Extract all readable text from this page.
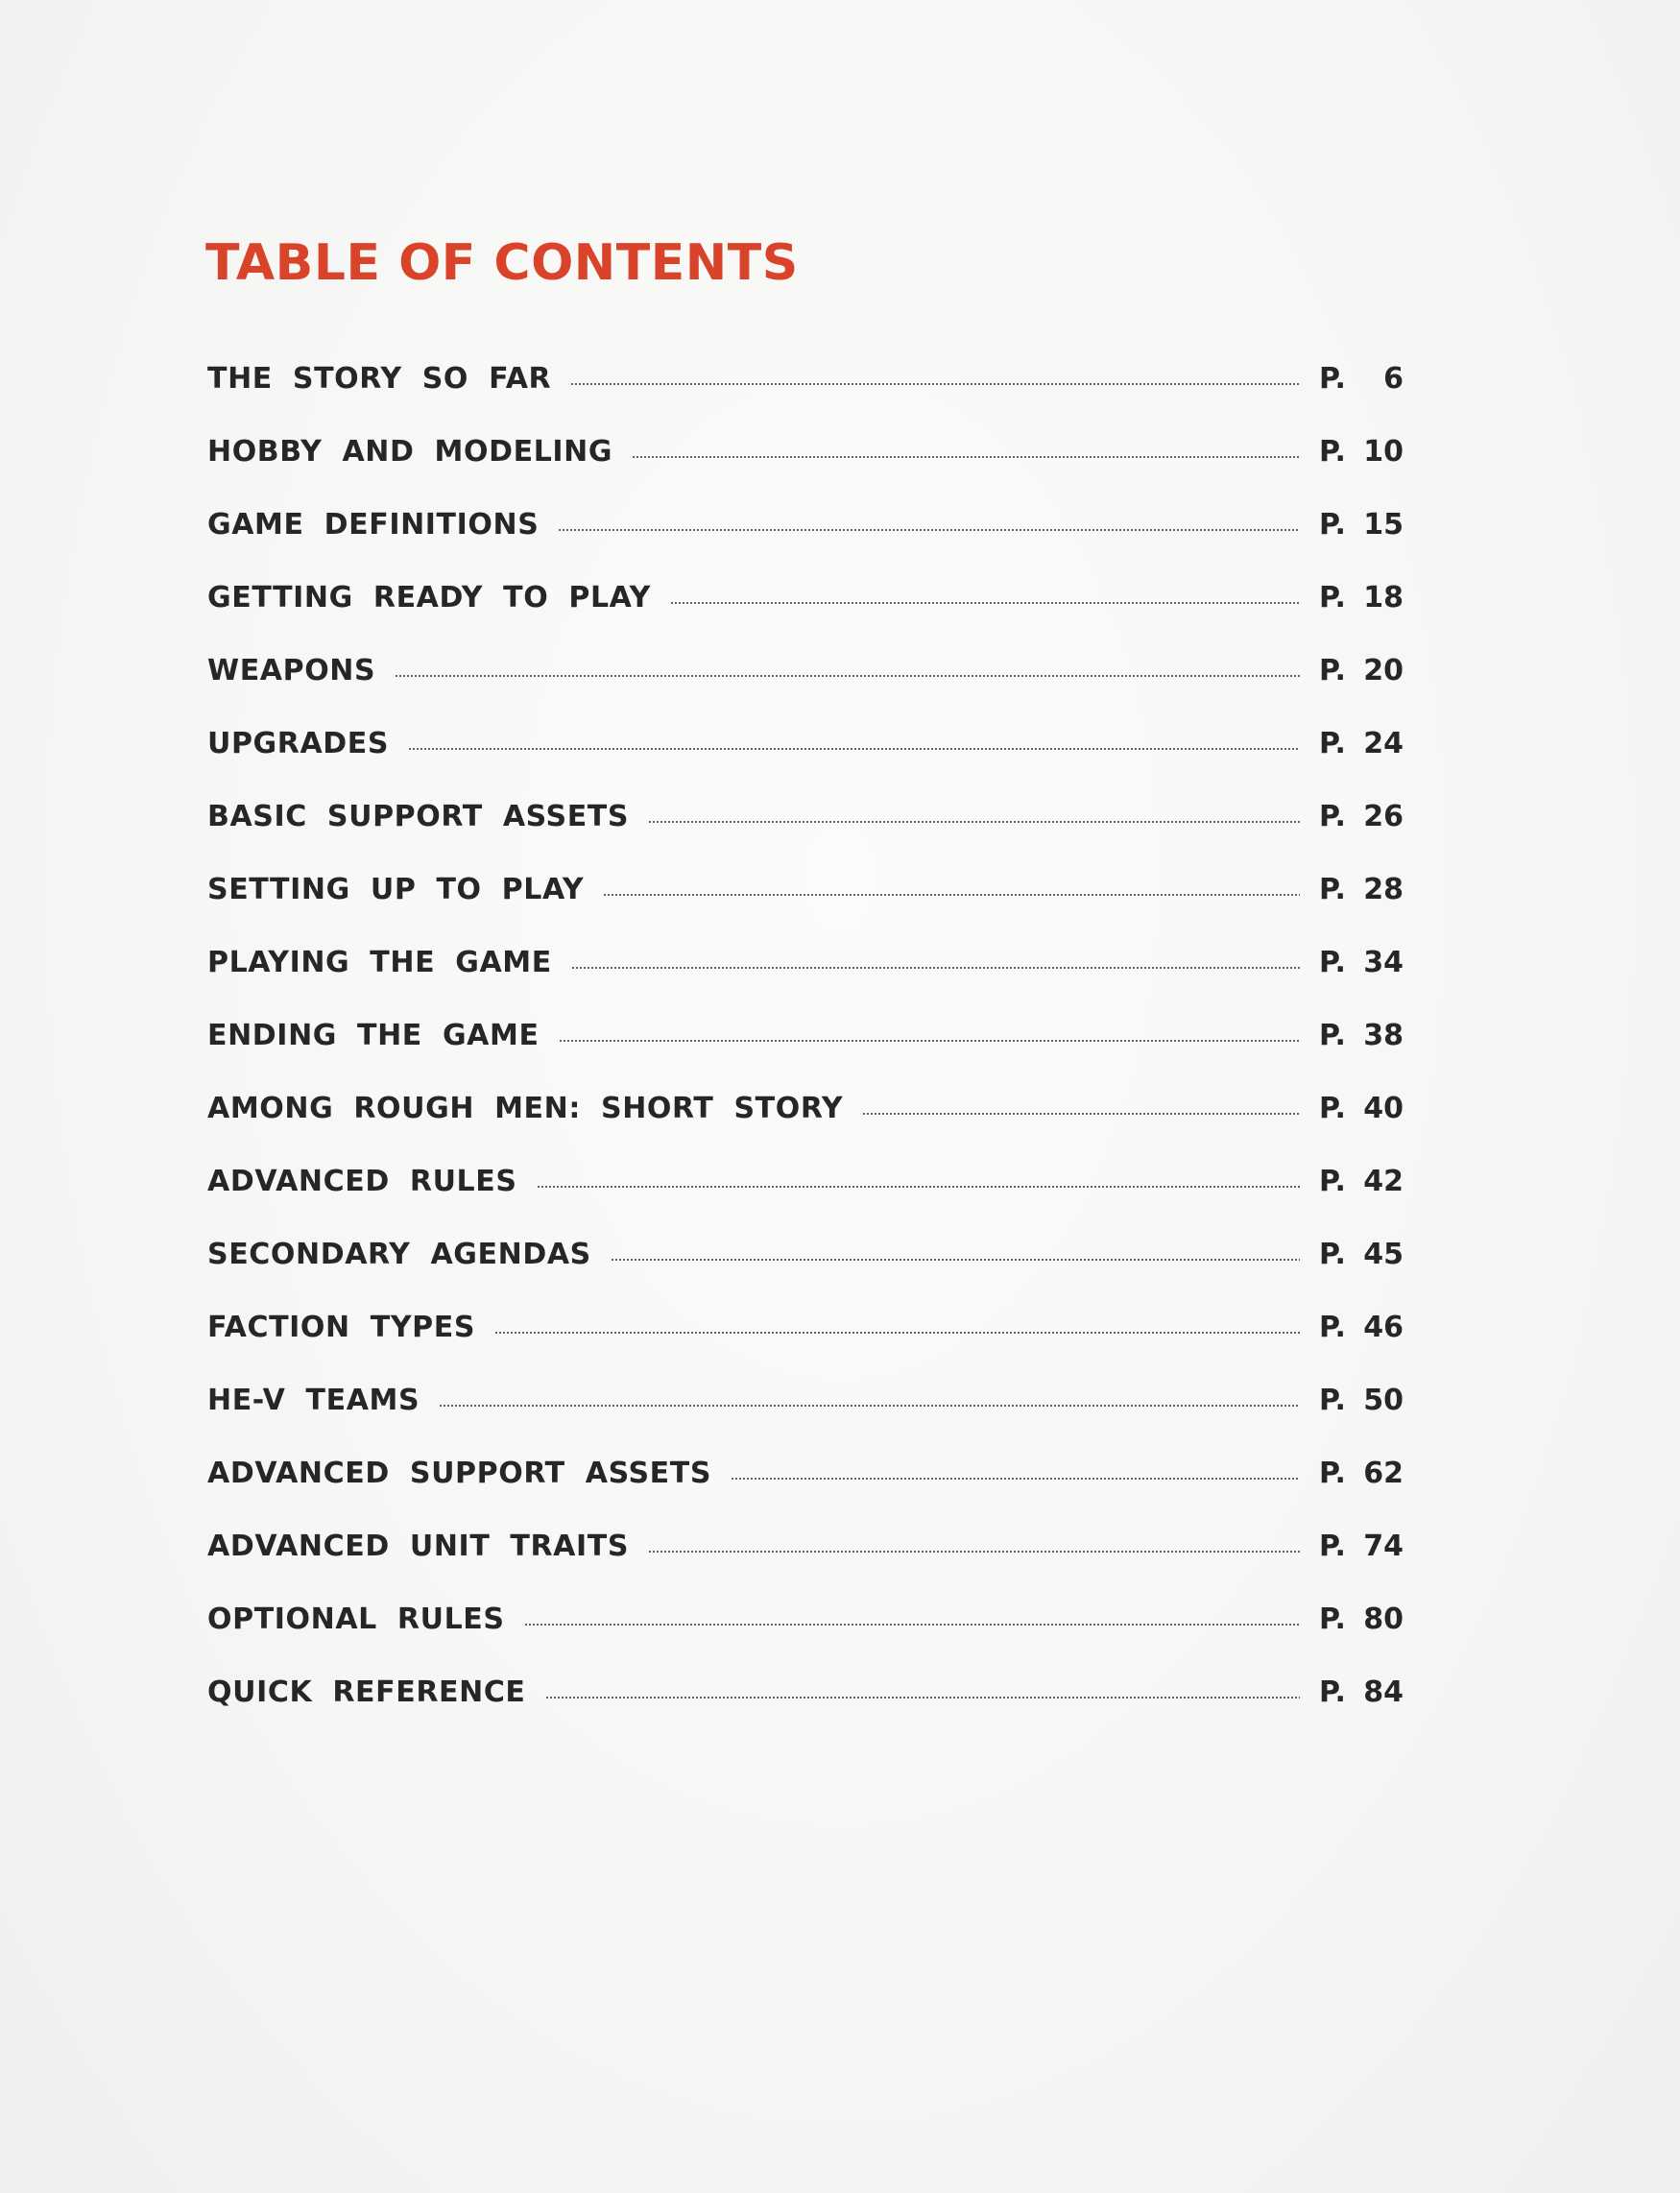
TABLE OF CONTENTS
THE STORY SO FAR	P. 6
HOBBY AND MODELING	P. 10
GAME DEFINITIONS	P. 15
GETTING READY TO PLAY	P. 18
WEAPONS	P. 20
UPGRADES	P. 24
BASIC SUPPORT ASSETS	P. 26
SETTING UP TO PLAY	P. 28
PLAYING THE GAME	P. 34
ENDING THE GAME	P. 38
AMONG ROUGH MEN: SHORT STORY	P. 40
ADVANCED RULES	P. 42
SECONDARY AGENDAS	P. 45
FACTION TYPES	P. 46
HE-V TEAMS	P. 50
ADVANCED SUPPORT ASSETS	P. 62
ADVANCED UNIT TRAITS	P. 74
OPTIONAL RULES	P. 80
QUICK REFERENCE	P. 84
